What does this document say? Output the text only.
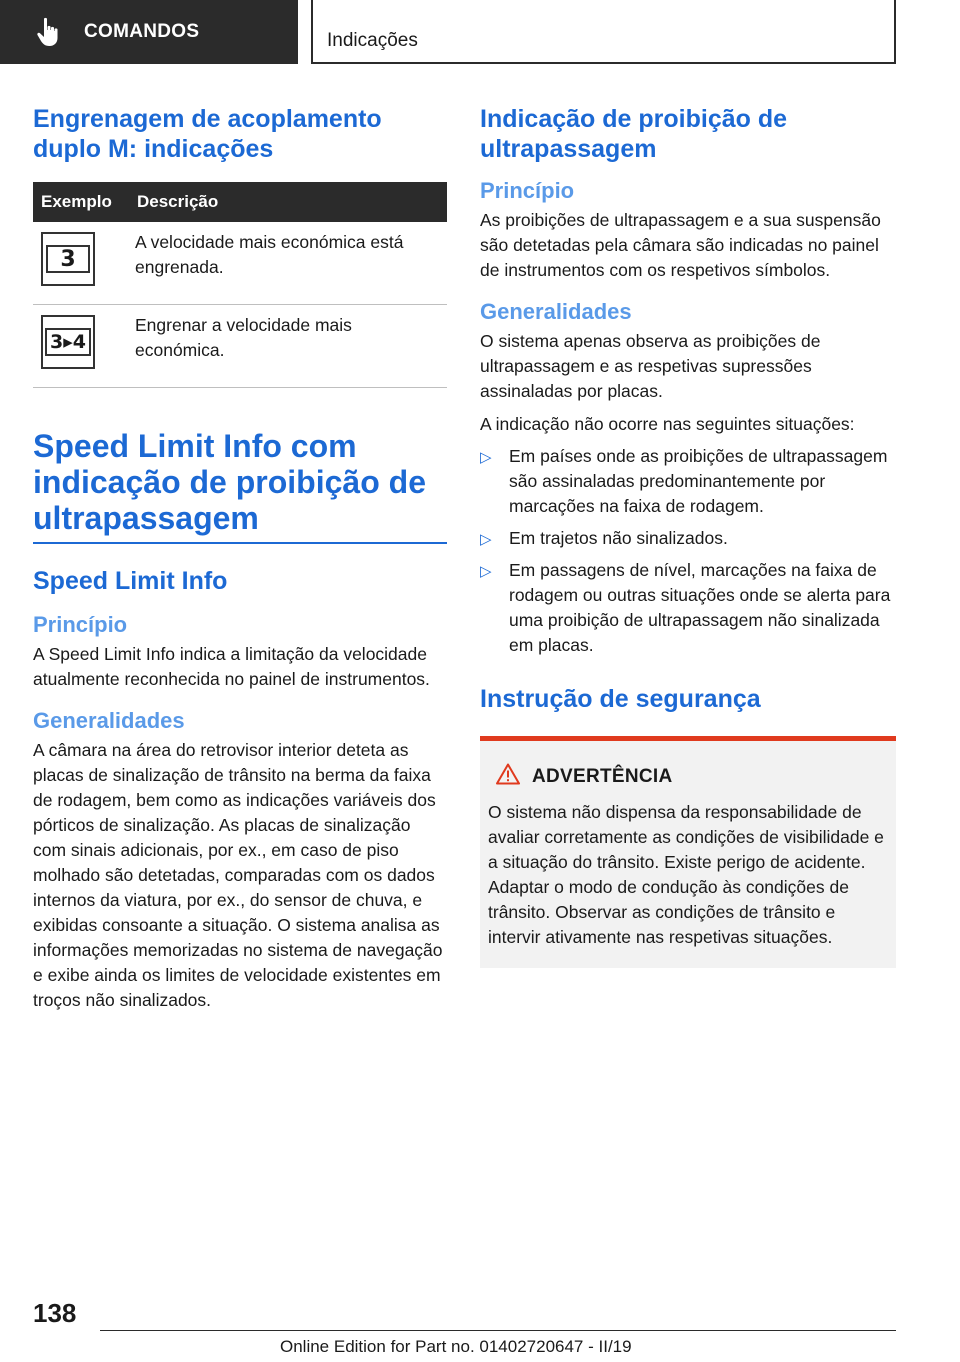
COMANDOS	Indicações
Engrenagem de acoplamento duplo M: indicações
Exemplo	Descrição

3	A velocidade mais económica está engrenada.

3▸4	Engrenar a velocidade mais económica.
Speed Limit Info com indicação de proibição de ultrapassagem
Speed Limit Info
Princípio
A Speed Limit Info indica a limitação da velocidade atualmente reconhecida no painel de instrumentos.
Generalidades
A câmara na área do retrovisor interior deteta as placas de sinalização de trânsito na berma da faixa de rodagem, bem como as indicações variáveis dos pórticos de sinalização. As placas de sinalização com sinais adicionais, por ex., em caso de piso molhado são detetadas, comparadas com os dados internos da viatura, por ex., do sensor de chuva, e exibidas consoante a situação. O sistema analisa as informações memorizadas no sistema de navegação e exibe ainda os limites de velocidade existentes em troços não sinalizados.
Indicação de proibição de ultrapassagem
Princípio
As proibições de ultrapassagem e a sua suspensão são detetadas pela câmara são indicadas no painel de instrumentos com os respetivos símbolos.
Generalidades
O sistema apenas observa as proibições de ultrapassagem e as respetivas supressões assinaladas por placas.
A indicação não ocorre nas seguintes situações:
▷ Em países onde as proibições de ultrapassagem são assinaladas predominantemente por marcações na faixa de rodagem.
▷ Em trajetos não sinalizados.
▷ Em passagens de nível, marcações na faixa de rodagem ou outras situações onde se alerta para uma proibição de ultrapassagem não sinalizada em placas.
Instrução de segurança
ADVERTÊNCIA
O sistema não dispensa da responsabilidade de avaliar corretamente as condições de visibilidade e a situação do trânsito. Existe perigo de acidente. Adaptar o modo de condução às condições de trânsito. Observar as condições de trânsito e intervir ativamente nas respetivas situações.
138
Online Edition for Part no. 01402720647 - II/19
